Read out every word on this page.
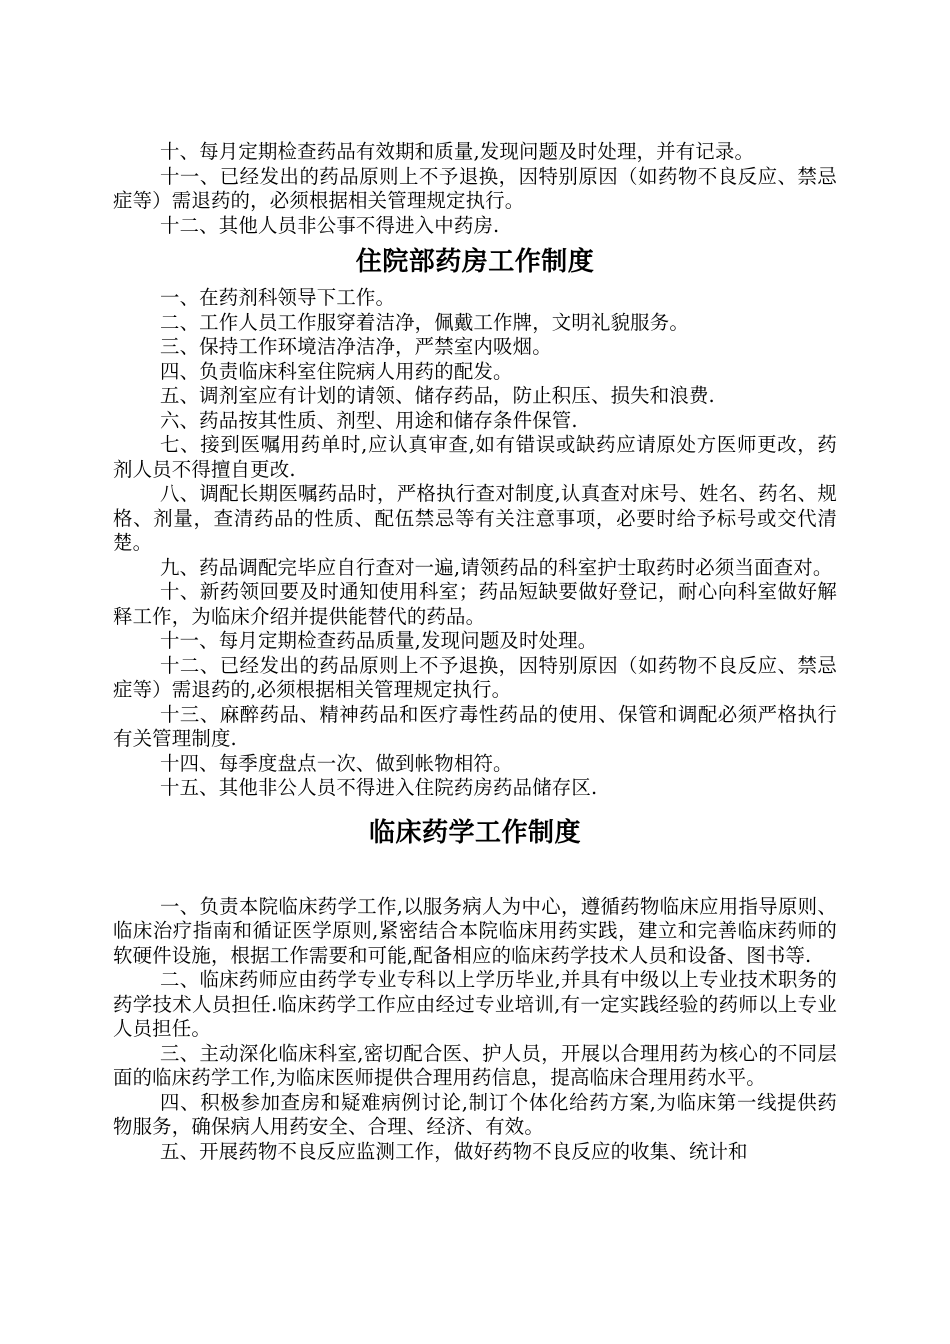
十、每月定期检查药品有效期和质量,发现问题及时处理，并有记录。

十一、已经发出的药品原则上不予退换，因特别原因（如药物不良反应、禁忌症等）需退药的，必须根据相关管理规定执行。

十二、其他人员非公事不得进入中药房.

住院部药房工作制度

一、在药剂科领导下工作。

二、工作人员工作服穿着洁净，佩戴工作牌，文明礼貌服务。

三、保持工作环境洁净洁净，严禁室内吸烟。

四、负责临床科室住院病人用药的配发。

五、调剂室应有计划的请领、储存药品，防止积压、损失和浪费.

六、药品按其性质、剂型、用途和储存条件保管.

七、接到医嘱用药单时,应认真审查,如有错误或缺药应请原处方医师更改，药剂人员不得擅自更改.

八、调配长期医嘱药品时，严格执行查对制度,认真查对床号、姓名、药名、规格、剂量，查清药品的性质、配伍禁忌等有关注意事项，必要时给予标号或交代清楚。

九、药品调配完毕应自行查对一遍,请领药品的科室护士取药时必须当面查对。

十、新药领回要及时通知使用科室；药品短缺要做好登记，耐心向科室做好解释工作，为临床介绍并提供能替代的药品。

十一、每月定期检查药品质量,发现问题及时处理。

十二、已经发出的药品原则上不予退换，因特别原因（如药物不良反应、禁忌症等）需退药的,必须根据相关管理规定执行。

十三、麻醉药品、精神药品和医疗毒性药品的使用、保管和调配必须严格执行有关管理制度.

十四、每季度盘点一次、做到帐物相符。

十五、其他非公人员不得进入住院药房药品储存区.

临床药学工作制度

一、负责本院临床药学工作,以服务病人为中心，遵循药物临床应用指导原则、临床治疗指南和循证医学原则,紧密结合本院临床用药实践，建立和完善临床药师的软硬件设施，根据工作需要和可能,配备相应的临床药学技术人员和设备、图书等.

二、临床药师应由药学专业专科以上学历毕业,并具有中级以上专业技术职务的药学技术人员担任.临床药学工作应由经过专业培训,有一定实践经验的药师以上专业人员担任。

三、主动深化临床科室,密切配合医、护人员，开展以合理用药为核心的不同层面的临床药学工作,为临床医师提供合理用药信息，提高临床合理用药水平。

四、积极参加查房和疑难病例讨论,制订个体化给药方案,为临床第一线提供药物服务，确保病人用药安全、合理、经济、有效。

五、开展药物不良反应监测工作，做好药物不良反应的收集、统计和
